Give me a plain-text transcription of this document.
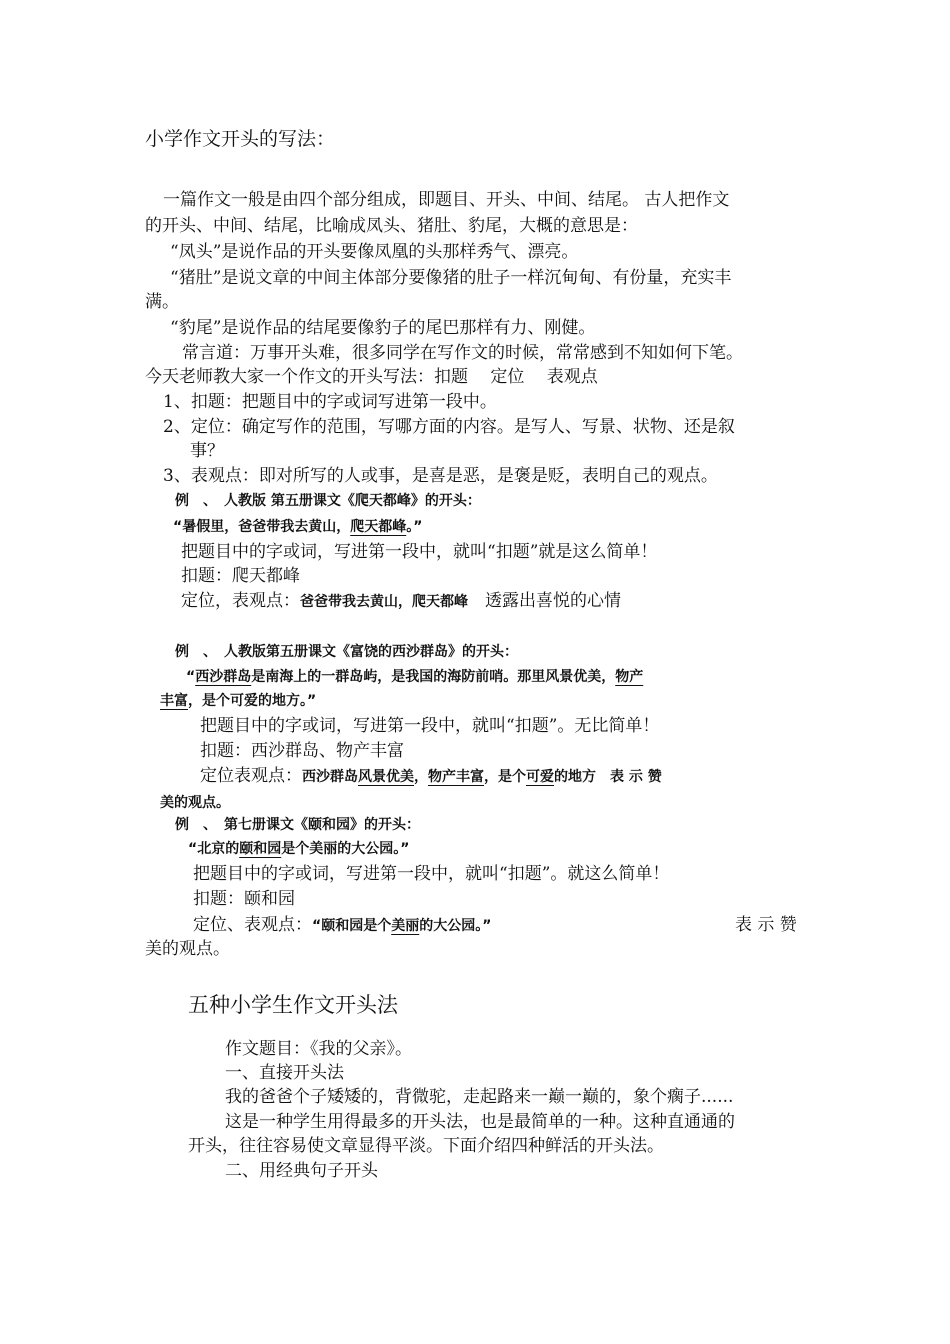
小学作文开头的写法：
一篇作文一般是由四个部分组成，即题目、开头、中间、结尾。 古人把作文
的开头、中间、结尾，比喻成凤头、猪肚、豹尾，大概的意思是：
“凤头”是说作品的开头要像凤凰的头那样秀气、漂亮。
“猪肚”是说文章的中间主体部分要像猪的肚子一样沉甸甸、有份量，充实丰
满。
“豹尾”是说作品的结尾要像豹子的尾巴那样有力、刚健。
常言道：万事开头难，很多同学在写作文的时候，常常感到不知如何下笔。
今天老师教大家一个作文的开头写法：扣题　 定位　 表观点
1、扣题：把题目中的字或词写进第一段中。
2、定位：确定写作的范围，写哪方面的内容。是写人、写景、状物、还是叙
事？
3、表观点：即对所写的人或事，是喜是恶，是褒是贬，表明自己的观点。
例　、　人教版 第五册课文《爬天都峰》的开头：
“暑假里，爸爸带我去黄山，爬天都峰。”
把题目中的字或词，写进第一段中，就叫“扣题”就是这么简单！
扣题：爬天都峰
定位，表观点：爸爸带我去黄山，爬天都峰　 透露出喜悦的心情
例　、　人教版第五册课文《富饶的西沙群岛》的开头：
“西沙群岛是南海上的一群岛屿，是我国的海防前哨。那里风景优美，物产
丰富，是个可爱的地方。”
把题目中的字或词，写进第一段中，就叫“扣题”。无比简单！
扣题：西沙群岛、物产丰富
定位表观点：西沙群岛风景优美，物产丰富，是个可爱的地方　表 示 赞
美的观点。
例　、　第七册课文《颐和园》的开头：
“北京的颐和园是个美丽的大公园。”
把题目中的字或词，写进第一段中，就叫“扣题”。就这么简单！
扣题：颐和园
定位、表观点：“颐和园是个美丽的大公园。”	表 示 赞
美的观点。
五种小学生作文开头法
作文题目：《我的父亲》。
一、直接开头法
我的爸爸个子矮矮的，背微驼，走起路来一巅一巅的，象个瘸子......
这是一种学生用得最多的开头法，也是最简单的一种。这种直通通的
开头，往往容易使文章显得平淡。下面介绍四种鲜活的开头法。
二、用经典句子开头
